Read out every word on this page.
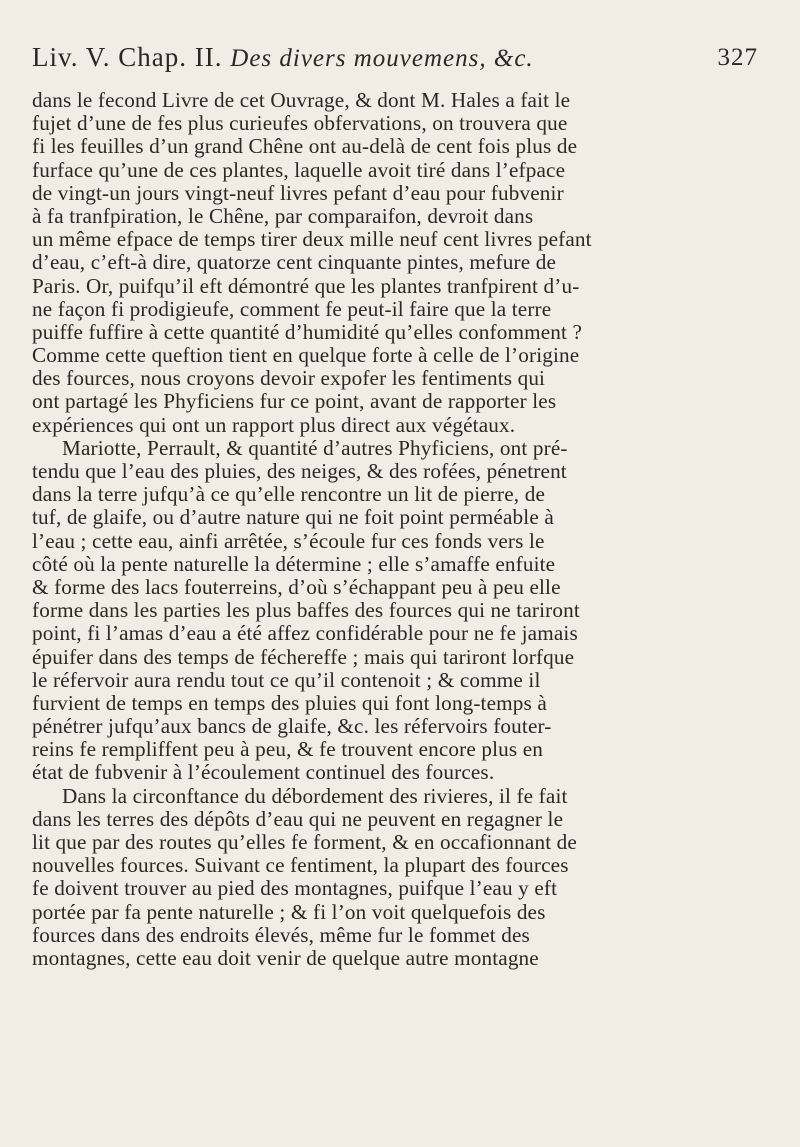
Liv. V. Chap. II. Des divers mouvemens, &c.	327
dans le fecond Livre de cet Ouvrage, & dont M. Hales a fait le
fujet d’une de fes plus curieufes obfervations, on trouvera que
fi les feuilles d’un grand Chêne ont au-delà de cent fois plus de
furface qu’une de ces plantes, laquelle avoit tiré dans l’efpace
de vingt-un jours vingt-neuf livres pefant d’eau pour fubvenir
à fa tranfpiration, le Chêne, par comparaifon, devroit dans
un même efpace de temps tirer deux mille neuf cent livres pefant
d’eau, c’eft-à dire, quatorze cent cinquante pintes, mefure de
Paris. Or, puifqu’il eft démontré que les plantes tranfpirent d’u-
ne façon fi prodigieufe, comment fe peut-il faire que la terre
puiffe fuffire à cette quantité d’humidité qu’elles confomment ?
Comme cette queftion tient en quelque forte à celle de l’origine
des fources, nous croyons devoir expofer les fentiments qui
ont partagé les Phyficiens fur ce point, avant de rapporter les
expériences qui ont un rapport plus direct aux végétaux.
Mariotte, Perrault, & quantité d’autres Phyficiens, ont pré-
tendu que l’eau des pluies, des neiges, & des rofées, pénetrent
dans la terre jufqu’à ce qu’elle rencontre un lit de pierre, de
tuf, de glaife, ou d’autre nature qui ne foit point perméable à
l’eau ; cette eau, ainfi arrêtée, s’écoule fur ces fonds vers le
côté où la pente naturelle la détermine ; elle s’amaffe enfuite
& forme des lacs fouterreins, d’où s’échappant peu à peu elle
forme dans les parties les plus baffes des fources qui ne tariront
point, fi l’amas d’eau a été affez confidérable pour ne fe jamais
épuifer dans des temps de féchereffe ; mais qui tariront lorfque
le réfervoir aura rendu tout ce qu’il contenoit ; & comme il
furvient de temps en temps des pluies qui font long-temps à
pénétrer jufqu’aux bancs de glaife, &c. les réfervoirs fouter-
reins fe rempliffent peu à peu, & fe trouvent encore plus en
état de fubvenir à l’écoulement continuel des fources.
Dans la circonftance du débordement des rivieres, il fe fait
dans les terres des dépôts d’eau qui ne peuvent en regagner le
lit que par des routes qu’elles fe forment, & en occafionnant de
nouvelles fources. Suivant ce fentiment, la plupart des fources
fe doivent trouver au pied des montagnes, puifque l’eau y eft
portée par fa pente naturelle ; & fi l’on voit quelquefois des
fources dans des endroits élevés, même fur le fommet des
montagnes, cette eau doit venir de quelque autre montagne
